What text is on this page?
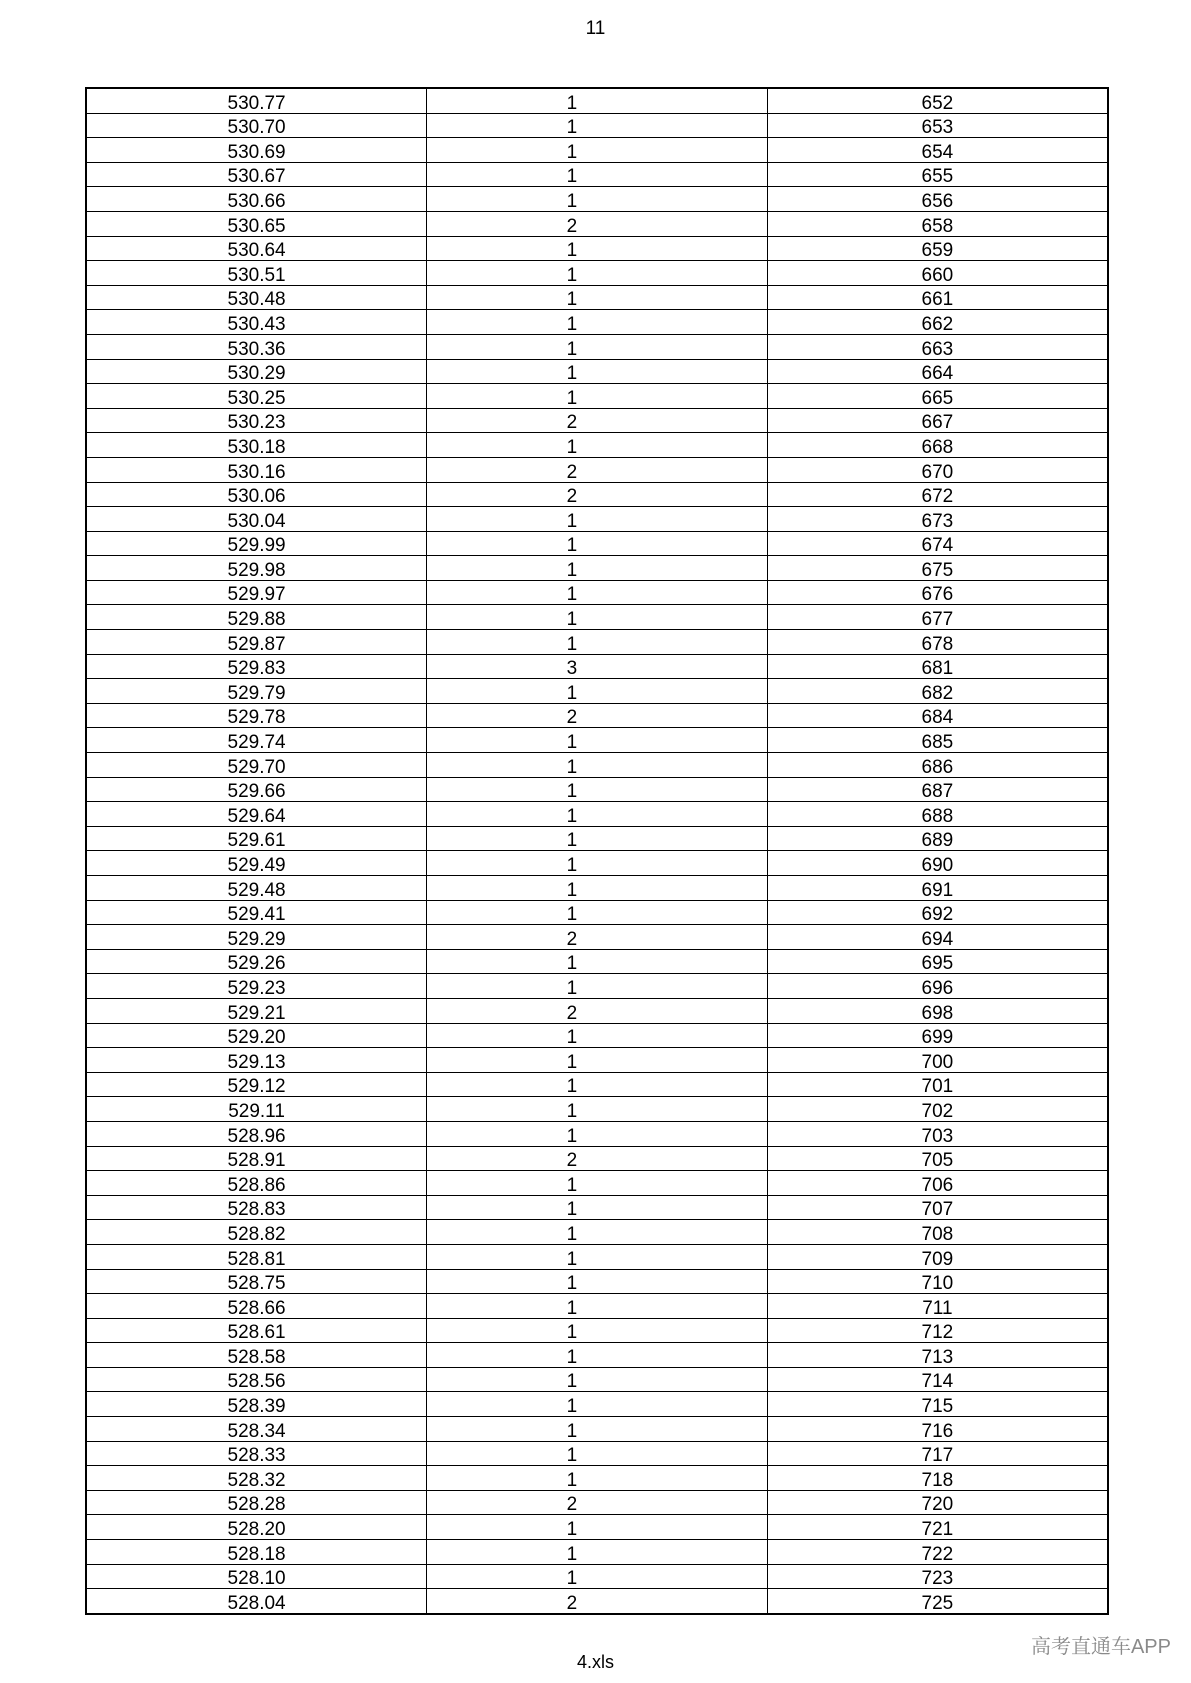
11
530.77	1	652
530.70	1	653
530.69	1	654
530.67	1	655
530.66	1	656
530.65	2	658
530.64	1	659
530.51	1	660
530.48	1	661
530.43	1	662
530.36	1	663
530.29	1	664
530.25	1	665
530.23	2	667
530.18	1	668
530.16	2	670
530.06	2	672
530.04	1	673
529.99	1	674
529.98	1	675
529.97	1	676
529.88	1	677
529.87	1	678
529.83	3	681
529.79	1	682
529.78	2	684
529.74	1	685
529.70	1	686
529.66	1	687
529.64	1	688
529.61	1	689
529.49	1	690
529.48	1	691
529.41	1	692
529.29	2	694
529.26	1	695
529.23	1	696
529.21	2	698
529.20	1	699
529.13	1	700
529.12	1	701
529.11	1	702
528.96	1	703
528.91	2	705
528.86	1	706
528.83	1	707
528.82	1	708
528.81	1	709
528.75	1	710
528.66	1	711
528.61	1	712
528.58	1	713
528.56	1	714
528.39	1	715
528.34	1	716
528.33	1	717
528.32	1	718
528.28	2	720
528.20	1	721
528.18	1	722
528.10	1	723
528.04	2	725
4.xls
高考直通车APP
